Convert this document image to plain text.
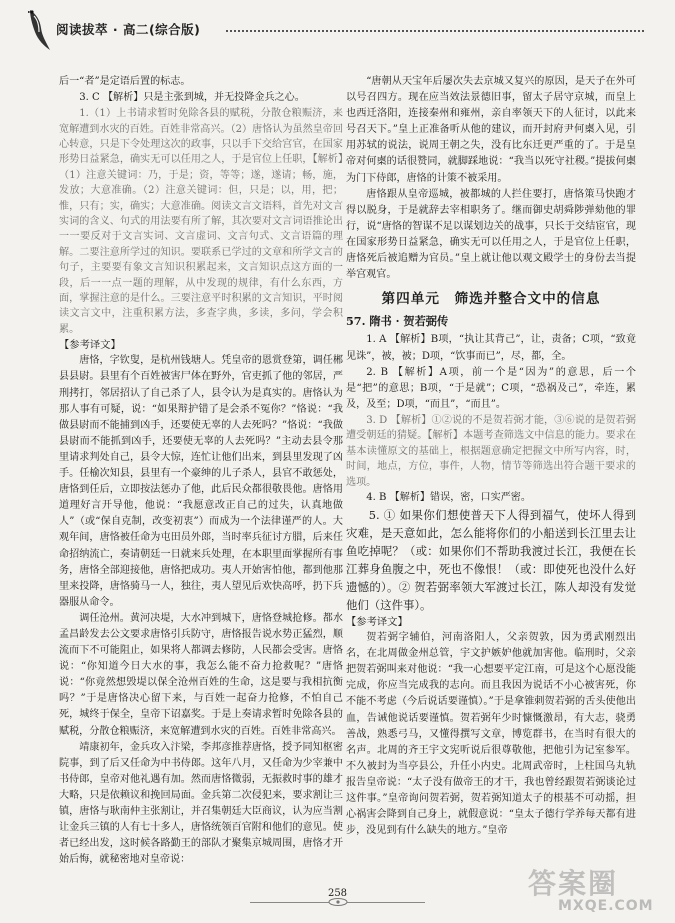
阅读拔萃 · 高二(综合版)

后一“者”是定语后置的标志。

3. C 【解析】只是主张到城，并无投降金兵之心。

1.（1）上书请求暂时免除各县的赋税，分散仓粮赈济，来宽解遭到水灾的百姓。百姓非常高兴。（2）唐恪认为虽然皇帝回心转意，只是下令处理这次的政事，只以手下交给宫官，在国家形势日益紧急，确实无可以任用之人，于是官位上任职，【解析】（1）注意关键词：乃，于是；资，等等；遂，遂请；畅，施，发放；大意准确。（2）注意关键词：但，只是；以，用，把；惟，只有；实，确实；大意准确。阅读文言文语料，首先对文言实词的含义、句式的用法要有所了解，其次要对文言词语推论出一一要反对于文言实词、文言虚词、文言句式、文言语篇的理解。二要注意所学过的知识。要联系已学过的文章和所学文言的句子，主要要有象文言知识积累起来，文言知识点这方面的一段，后一一点一题的理解，从中发现的规律，有什么东西，方面，掌握注意的是什么。三要注意平时积累的文言知识，平时阅读文言文中，注重积累方法，多查字典，多读，多问，学会积累。

【参考译文】

唐恪，字钦叟，是杭州钱塘人。凭皇帝的恩赏登第，调任郴县县尉。县里有个百姓被害尸体在野外，官吏抓了他的邻居，严刑拷打，邻居招认了自己杀了人，县令认为是真实的。唐恪认为那人事有可疑，说：“如果辩护错了是会杀不冤你？”恪说：“我做县尉而不能捕到凶手，还要使无辜的人去死吗？”恪说：“我做县尉而不能抓到凶手，还要使无辜的人去死吗？”主动去县令那里请求判处自己，县令大惊，连忙让他们出来，到县里发现了凶手。任榆次知县，县里有一个豪绅的儿子杀人，县官不敢惩处，唐恪到任后，立即按法惩办了他，此后民众都很敬畏他。唐恪用道理好言开导他，他说：“我愿意改正自己的过失，认真地做人”（或“保自克制，改变初衷”）而成为一个法律谨严的人。大观年间，唐恪被任命为屯田员外郎，当时率兵征讨方腊，后来任命招纳流亡，奏请朝廷一日就来兵处理，在本职里面掌握所有事务，唐恪全部迎接他，唐恪把成功。夷人开始害怕他，都到他那里来投降，唐恪骑马一人，独往，夷人望见后欢快高呼，扔下兵器服从命令。

调任沧州。黄河决堤，大水冲到城下，唐恪登城抢修。都水孟昌龄发去公文要求唐恪引兵防守，唐恪报告说水势正猛烈，顺流而下不可能阻止，如果将人都调去修防，人民都会受害。唐恪说：“你知道今日大水的事，我怎么能不奋力抢救呢？”唐恪说：“你竟然想毁堤以保全沧州百姓的生命，这是要与我相抗衡吗？”于是唐恪决心留下来，与百姓一起奋力抢修，不怕自己死，城终于保全，皇帝下诏嘉奖。于是上奏请求暂时免除各县的赋税，分散仓粮赈济，来宽解遭到水灾的百姓。百姓非常高兴。

靖康初年，金兵攻入汴梁，李邦彦推荐唐恪，授予同知枢密院事，到了后又任命为中书侍郎。这年八月，又任命为少宰兼中书侍郎，皇帝对他礼遇有加。然而唐恪微弱，无振救时事的雄才大略，只是依赖议和挽回局面。金兵第二次侵犯来，要求割让三镇，唐恪与耿南仲主张割让，并召集朝廷大臣商议，认为应当割让金兵三镇的人有七十多人，唐恪统领百官附和他们的意见。使者已经出发，这时候各路勤王的部队才聚集京城周围，唐恪才开始后悔，就秘密地对皇帝说：

“唐朝从天宝年后屡次失去京城又复兴的原因，是天子在外可以号召四方。现在应当效法景德旧事，留太子居守京城，而皇上也西迁洛阳，连接秦州和雍州，亲自率领天下的人征讨，以此来号召天下。”皇上正准备听从他的建议，而开封府尹何㮚入见，引用苏轼的说法，说周王朝之失，没有比东迁更严重的了。于是皇帝对何㮚的话很赞同，就脚踩地说：“我当以死守社稷。”提拔何㮚为门下侍郎，唐恪的计策不被采用。

唐恪跟从皇帝巡城，被都城的人拦住要打，唐恪策马快跑才得以脱身，于是就辞去宰相职务了。继而御史胡舜陟弹劾他的罪行，说“唐恪的智谋不足以谋划边关的战事，只长于交结宦官，现在国家形势日益紧急，确实无可以任用之人，于是官位上任职，唐恪死后被追赠为官员。”皇上就让他以观文殿学士的身份去当提举宫观官。

第四单元　筛选并整合文中的信息
57. 隋书 · 贺若弼传

1. A 【解析】B项，“执让其背己”，让，责备；C项，“致竟见诛”，被，被；D项，“饮事而已”，尽，都，全。

2. B 【解析】A项，前一个是“因为”的意思，后一个是“把”的意思；B项，“于是就”；C项，“恐祸及己”，牵连，累及，及至；D项，“而且”，“而且”。

3. D 【解析】①②说的不是贺若弼才能，③⑥说的是贺若弼遭受朝廷的猜疑。【解析】本题考查筛选文中信息的能力。要求在基本读懂原文的基础上，根据题意确定把握文中所写内容，时，时间，地点，方位，事件，人物，情节等筛选出符合题干要求的选项。

4. B 【解析】错误，密，口实严密。

5. ① 如果你们想使普天下人得到福气，使坏人得到灾难，是天意如此，怎么能将你们的小船送到长江里去让鱼吃掉呢？（或：如果你们不帮助我渡过长江，我便在长江葬身鱼腹之中，死也不像恨！（或：即使死也没什么好遗憾的）。② 贺若弼率领大军渡过长江，陈人却没有发觉他们（这件事）。

【参考译文】

贺若弼字辅伯，河南洛阳人，父亲贺敦，因为勇武刚烈出名，在北周做金州总管，宇文护嫉妒他就加害他。临刑时，父亲把贺若弼叫来对他说：“我一心想要平定江南，可是这个心愿没能完成，你应当完成我的志向。而且我因为说话不小心被害死，你不能不考虑（今后说话要谨慎）。”于是拿锥刺贺若弼的舌头使他出血，告诫他说话要谨慎。贺若弼年少时慷慨激昂，有大志，骁勇善战，熟悉弓马，又懂得撰写文章，博览群书，在当时有很大的名声。北周的齐王宇文宪听说后很尊敬他，把他引为记室参军。不久被封为当亭县公，升任小内史。北周武帝时，上柱国乌丸轨报告皇帝说：“太子没有做帝王的才干，我也曾经跟贺若弼谈论过这件事。”皇帝询问贺若弼，贺若弼知道太子的根基不可动摇，担心祸害会降到自己身上，就假意说：“皇太子德行学养每天都有进步，没见到有什么缺失的地方。”皇帝

258	答案圈
MXQE.COM
